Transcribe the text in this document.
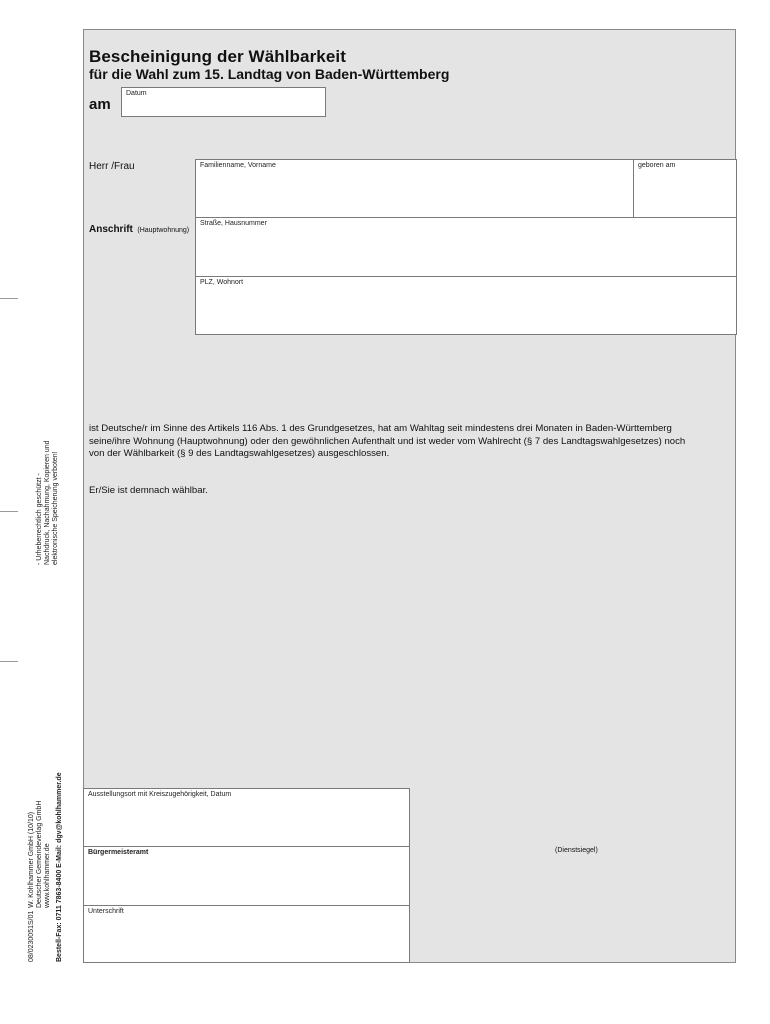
Bescheinigung der Wählbarkeit
für die Wahl zum 15. Landtag von Baden-Württemberg
am
Datum
Herr /Frau	Familienname, Vorname	geboren am
Anschrift (Hauptwohnung)
Straße, Hausnummer
PLZ, Wohnort
ist Deutsche/r im Sinne des Artikels 116 Abs. 1 des Grundgesetzes, hat am Wahltag seit mindestens drei Monaten in Baden-Württemberg
seine/ihre Wohnung (Hauptwohnung) oder den gewöhnlichen Aufenthalt und ist weder vom Wahlrecht (§ 7 des Landtagswahlgesetzes) noch
von der Wählbarkeit (§ 9 des Landtagswahlgesetzes) ausgeschlossen.
Er/Sie ist demnach wählbar.
Ausstellungsort mit Kreiszugehörigkeit, Datum
Bürgermeisteramt
Unterschrift
(Dienstsiegel)
- Urheberrechtlich geschützt - Nachdruck, Nachahmung, Kopieren und elektronische Speicherung verboten!
08/0230051S/01
W. Kohlhammer GmbH (10/10) Deutscher Gemeindeverlag GmbH www.kohlhammer.de Bestell-Fax: 0711 7863-8400 E-Mail: dgv@kohlhammer.de
